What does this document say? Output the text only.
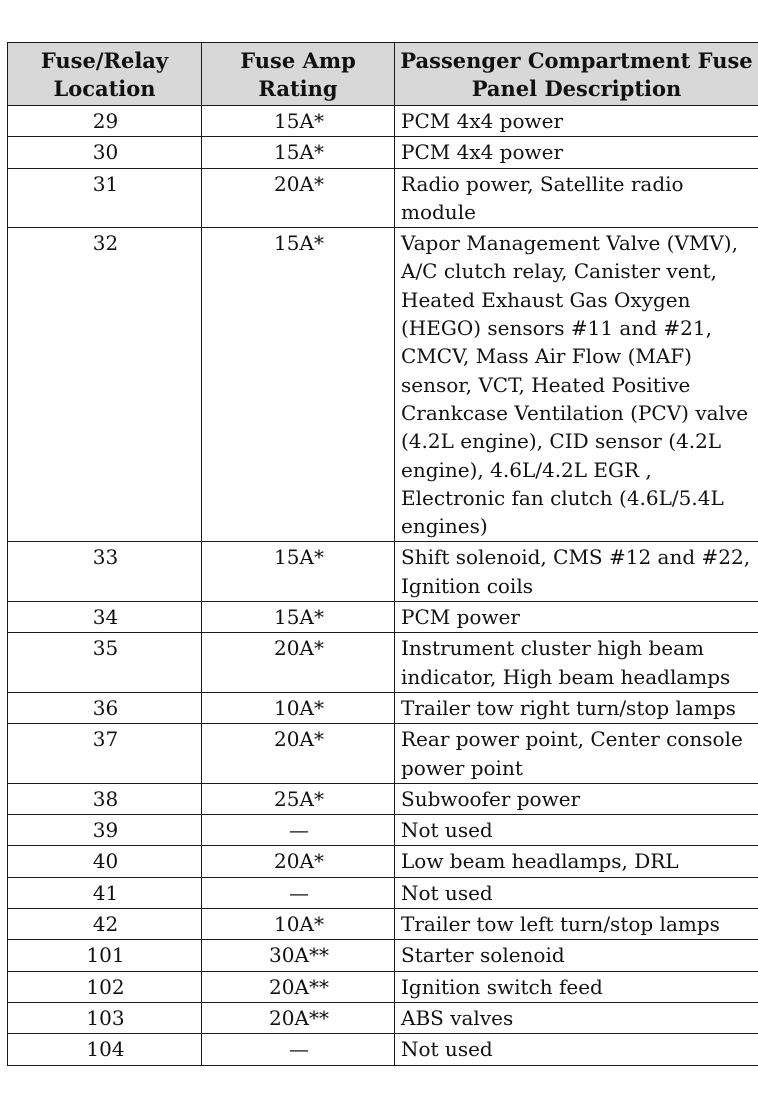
Fuse/Relay Location	Fuse Amp Rating	Passenger Compartment Fuse Panel Description
29	15A*	PCM 4x4 power
30	15A*	PCM 4x4 power
31	20A*	Radio power, Satellite radio module
32	15A*	Vapor Management Valve (VMV), A/C clutch relay, Canister vent, Heated Exhaust Gas Oxygen (HEGO) sensors #11 and #21, CMCV, Mass Air Flow (MAF) sensor, VCT, Heated Positive Crankcase Ventilation (PCV) valve (4.2L engine), CID sensor (4.2L engine), 4.6L/4.2L EGR , Electronic fan clutch (4.6L/5.4L engines)
33	15A*	Shift solenoid, CMS #12 and #22, Ignition coils
34	15A*	PCM power
35	20A*	Instrument cluster high beam indicator, High beam headlamps
36	10A*	Trailer tow right turn/stop lamps
37	20A*	Rear power point, Center console power point
38	25A*	Subwoofer power
39	—	Not used
40	20A*	Low beam headlamps, DRL
41	—	Not used
42	10A*	Trailer tow left turn/stop lamps
101	30A**	Starter solenoid
102	20A**	Ignition switch feed
103	20A**	ABS valves
104	—	Not used
